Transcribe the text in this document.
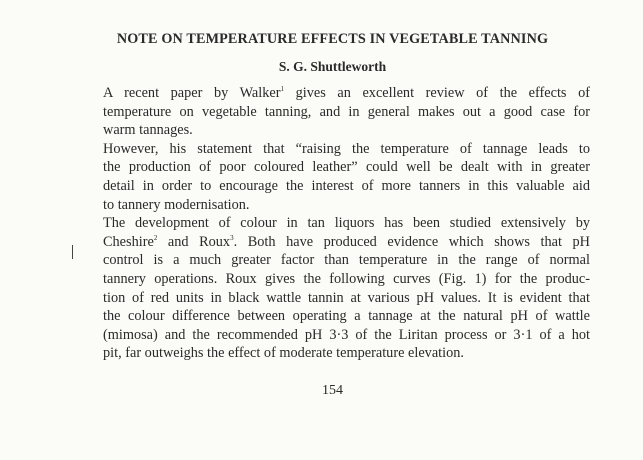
NOTE ON TEMPERATURE EFFECTS IN VEGETABLE TANNING
S. G. Shuttleworth

A recent paper by Walker$^1$ gives an excellent review of the effects of
temperature on vegetable tanning, and in general makes out a good case for
warm tannages.

However, his statement that “raising the temperature of tannage leads to
the production of poor coloured leather” could well be dealt with in greater
detail in order to encourage the interest of more tanners in this valuable aid
to tannery modernisation.

The development of colour in tan liquors has been studied extensively by
Cheshire$^2$ and Roux$^3$. Both have produced evidence which shows that pH
control is a much greater factor than temperature in the range of normal
tannery operations. Roux gives the following curves (Fig. 1) for the produc-
tion of red units in black wattle tannin at various pH values. It is evident that
the colour difference between operating a tannage at the natural pH of wattle
(mimosa) and the recommended pH 3·3 of the Liritan process or 3·1 of a hot
pit, far outweighs the effect of moderate temperature elevation.

154
